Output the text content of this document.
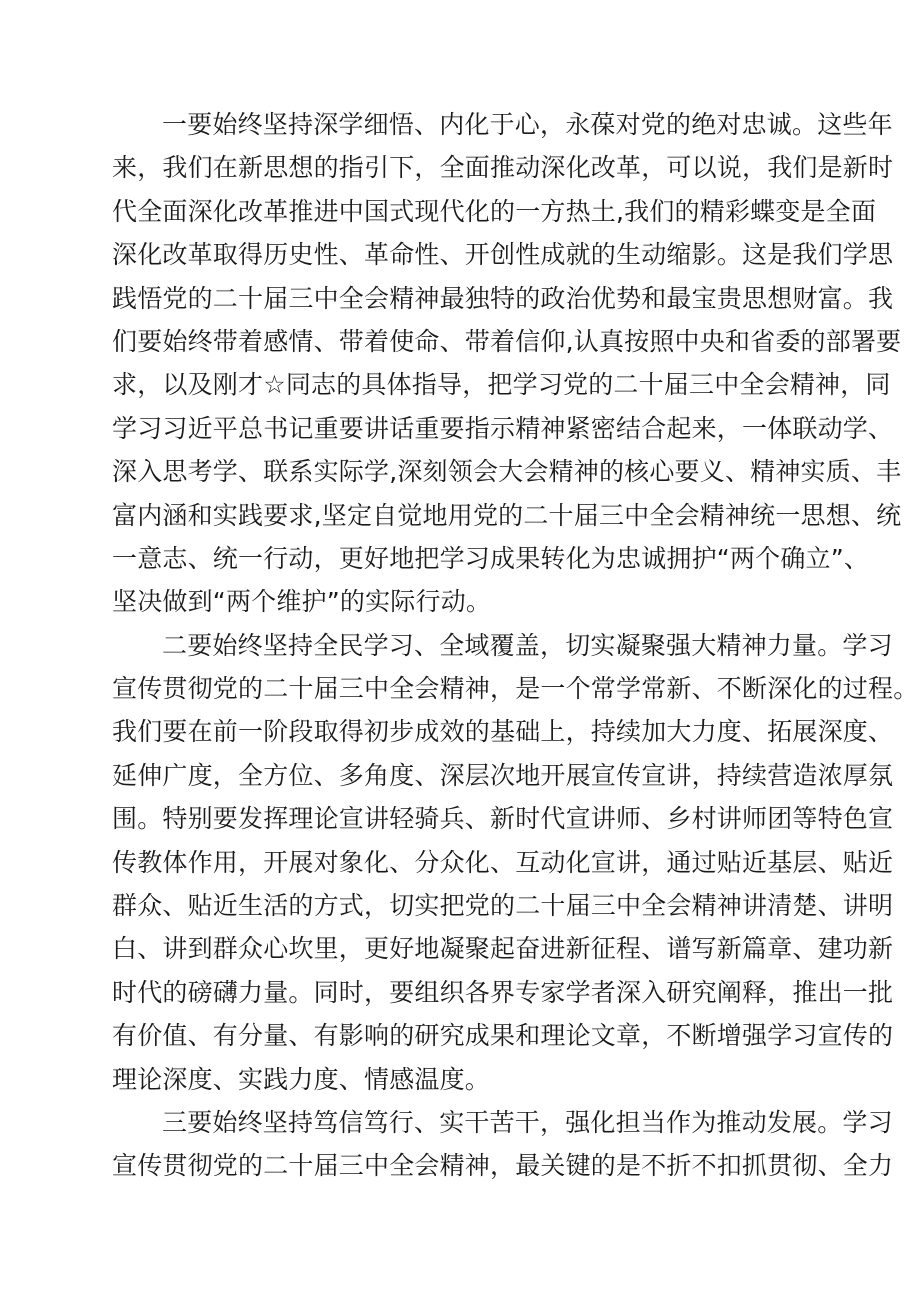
一要始终坚持深学细悟、内化于心，永葆对党的绝对忠诚。这些年
来，我们在新思想的指引下，全面推动深化改革，可以说，我们是新时
代全面深化改革推进中国式现代化的一方热土,我们的精彩蝶变是全面
深化改革取得历史性、革命性、开创性成就的生动缩影。这是我们学思
践悟党的二十届三中全会精神最独特的政治优势和最宝贵思想财富。我
们要始终带着感情、带着使命、带着信仰,认真按照中央和省委的部署要
求，以及刚才☆同志的具体指导，把学习党的二十届三中全会精神，同
学习习近平总书记重要讲话重要指示精神紧密结合起来，一体联动学、
深入思考学、联系实际学,深刻领会大会精神的核心要义、精神实质、丰
富内涵和实践要求,坚定自觉地用党的二十届三中全会精神统一思想、统
一意志、统一行动，更好地把学习成果转化为忠诚拥护“两个确立”、
坚决做到“两个维护”的实际行动。
二要始终坚持全民学习、全域覆盖，切实凝聚强大精神力量。学习
宣传贯彻党的二十届三中全会精神，是一个常学常新、不断深化的过程。
我们要在前一阶段取得初步成效的基础上，持续加大力度、拓展深度、
延伸广度，全方位、多角度、深层次地开展宣传宣讲，持续营造浓厚氛
围。特别要发挥理论宣讲轻骑兵、新时代宣讲师、乡村讲师团等特色宣
传教体作用，开展对象化、分众化、互动化宣讲，通过贴近基层、贴近
群众、贴近生活的方式，切实把党的二十届三中全会精神讲清楚、讲明
白、讲到群众心坎里，更好地凝聚起奋进新征程、谱写新篇章、建功新
时代的磅礴力量。同时，要组织各界专家学者深入研究阐释，推出一批
有价值、有分量、有影响的研究成果和理论文章，不断增强学习宣传的
理论深度、实践力度、情感温度。
三要始终坚持笃信笃行、实干苦干，强化担当作为推动发展。学习
宣传贯彻党的二十届三中全会精神，最关键的是不折不扣抓贯彻、全力
